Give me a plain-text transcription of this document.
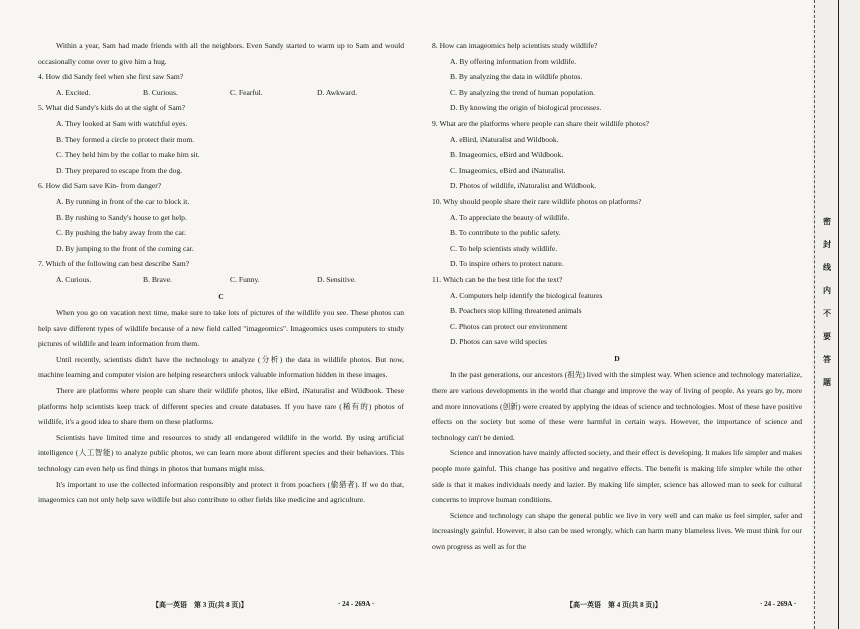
Within a year, Sam had made friends with all the neighbors. Even Sandy started to warm up to Sam and would occasionally come over to give him a hug.

4. How did Sandy feel when she first saw Sam?

A. Excited.	B. Curious.	C. Fearful.	D. Awkward.

5. What did Sandy's kids do at the sight of Sam?

A. They looked at Sam with watchful eyes.

B. They formed a circle to protect their mom.

C. They held him by the collar to make him sit.

D. They prepared to escape from the dog.

6. How did Sam save Kin- from danger?

A. By running in front of the car to block it.

B. By rushing to Sandy's house to get help.

C. By pushing the baby away from the car.

D. By jumping to the front of the coming car.

7. Which of the following can best describe Sam?

A. Curious.	B. Brave.	C. Funny.	D. Sensitive.

C

When you go on vacation next time, make sure to take lots of pictures of the wildlife you see. These photos can help save different types of wildlife because of a new field called "imageomics". Imageomics uses computers to study pictures of wildlife and learn information from them.

Until recently, scientists didn't have the technology to analyze (分析) the data in wildlife photos. But now, machine learning and computer vision are helping researchers unlock valuable information hidden in these images.

There are platforms where people can share their wildlife photos, like eBird, iNaturalist and Wildbook. These platforms help scientists keep track of different species and create databases. If you have rare (稀有的) photos of wildlife, it's a good idea to share them on these platforms.

Scientists have limited time and resources to study all endangered wildlife in the world. By using artificial intelligence (人工智能) to analyze public photos, we can learn more about different species and their behaviors. This technology can even help us find things in photos that humans might miss.

It's important to use the collected information responsibly and protect it from poachers (偷猎者). If we do that, imageomics can not only help save wildlife but also contribute to other fields like medicine and agriculture.

【高一英语　第 3 页(共 8 页)】	· 24 - 269A ·

8. How can imageomics help scientists study wildlife?

A. By offering information from wildlife.

B. By analyzing the data in wildlife photos.

C. By analyzing the trend of human population.

D. By knowing the origin of biological processes.

9. What are the platforms where people can share their wildlife photos?

A. eBird, iNaturalist and Wildbook.

B. Imageomics, eBird and Wildbook.

C. Imageomics, eBird and iNaturalist.

D. Photos of wildlife, iNaturalist and Wildbook.

10. Why should people share their rare wildlife photos on platforms?

A. To appreciate the beauty of wildlife.

B. To contribute to the public safety.

C. To help scientists study wildlife.

D. To inspire others to protect nature.

11. Which can be the best title for the text?

A. Computers help identify the biological features

B. Poachers stop killing threatened animals

C. Photos can protect our environment

D. Photos can save wild species

D

In the past generations, our ancestors (祖先) lived with the simplest way. When science and technology materialize, there are various developments in the world that change and improve the way of living of people. As years go by, more and more innovations (创新) were created by applying the ideas of science and technologies. Most of these have positive effects on the society but some of these were harmful in certain ways. However, the importance of science and technology can't be denied.

Science and innovation have mainly affected society, and their effect is developing. It makes life simpler and makes people more gainful. This change has positive and negative effects. The benefit is making life simpler while the other side is that it makes individuals needy and lazier. By making life simpler, science has allowed man to seek for cultural concerns to improve human conditions.

Science and technology can shape the general public we live in very well and can make us feel simpler, safer and increasingly gainful. However, it also can be used wrongly, which can harm many blameless lives. We must think for our own progress as well as for the

【高一英语　第 4 页(共 8 页)】	· 24 - 269A ·
密
封
线
内
不
要
答
题
